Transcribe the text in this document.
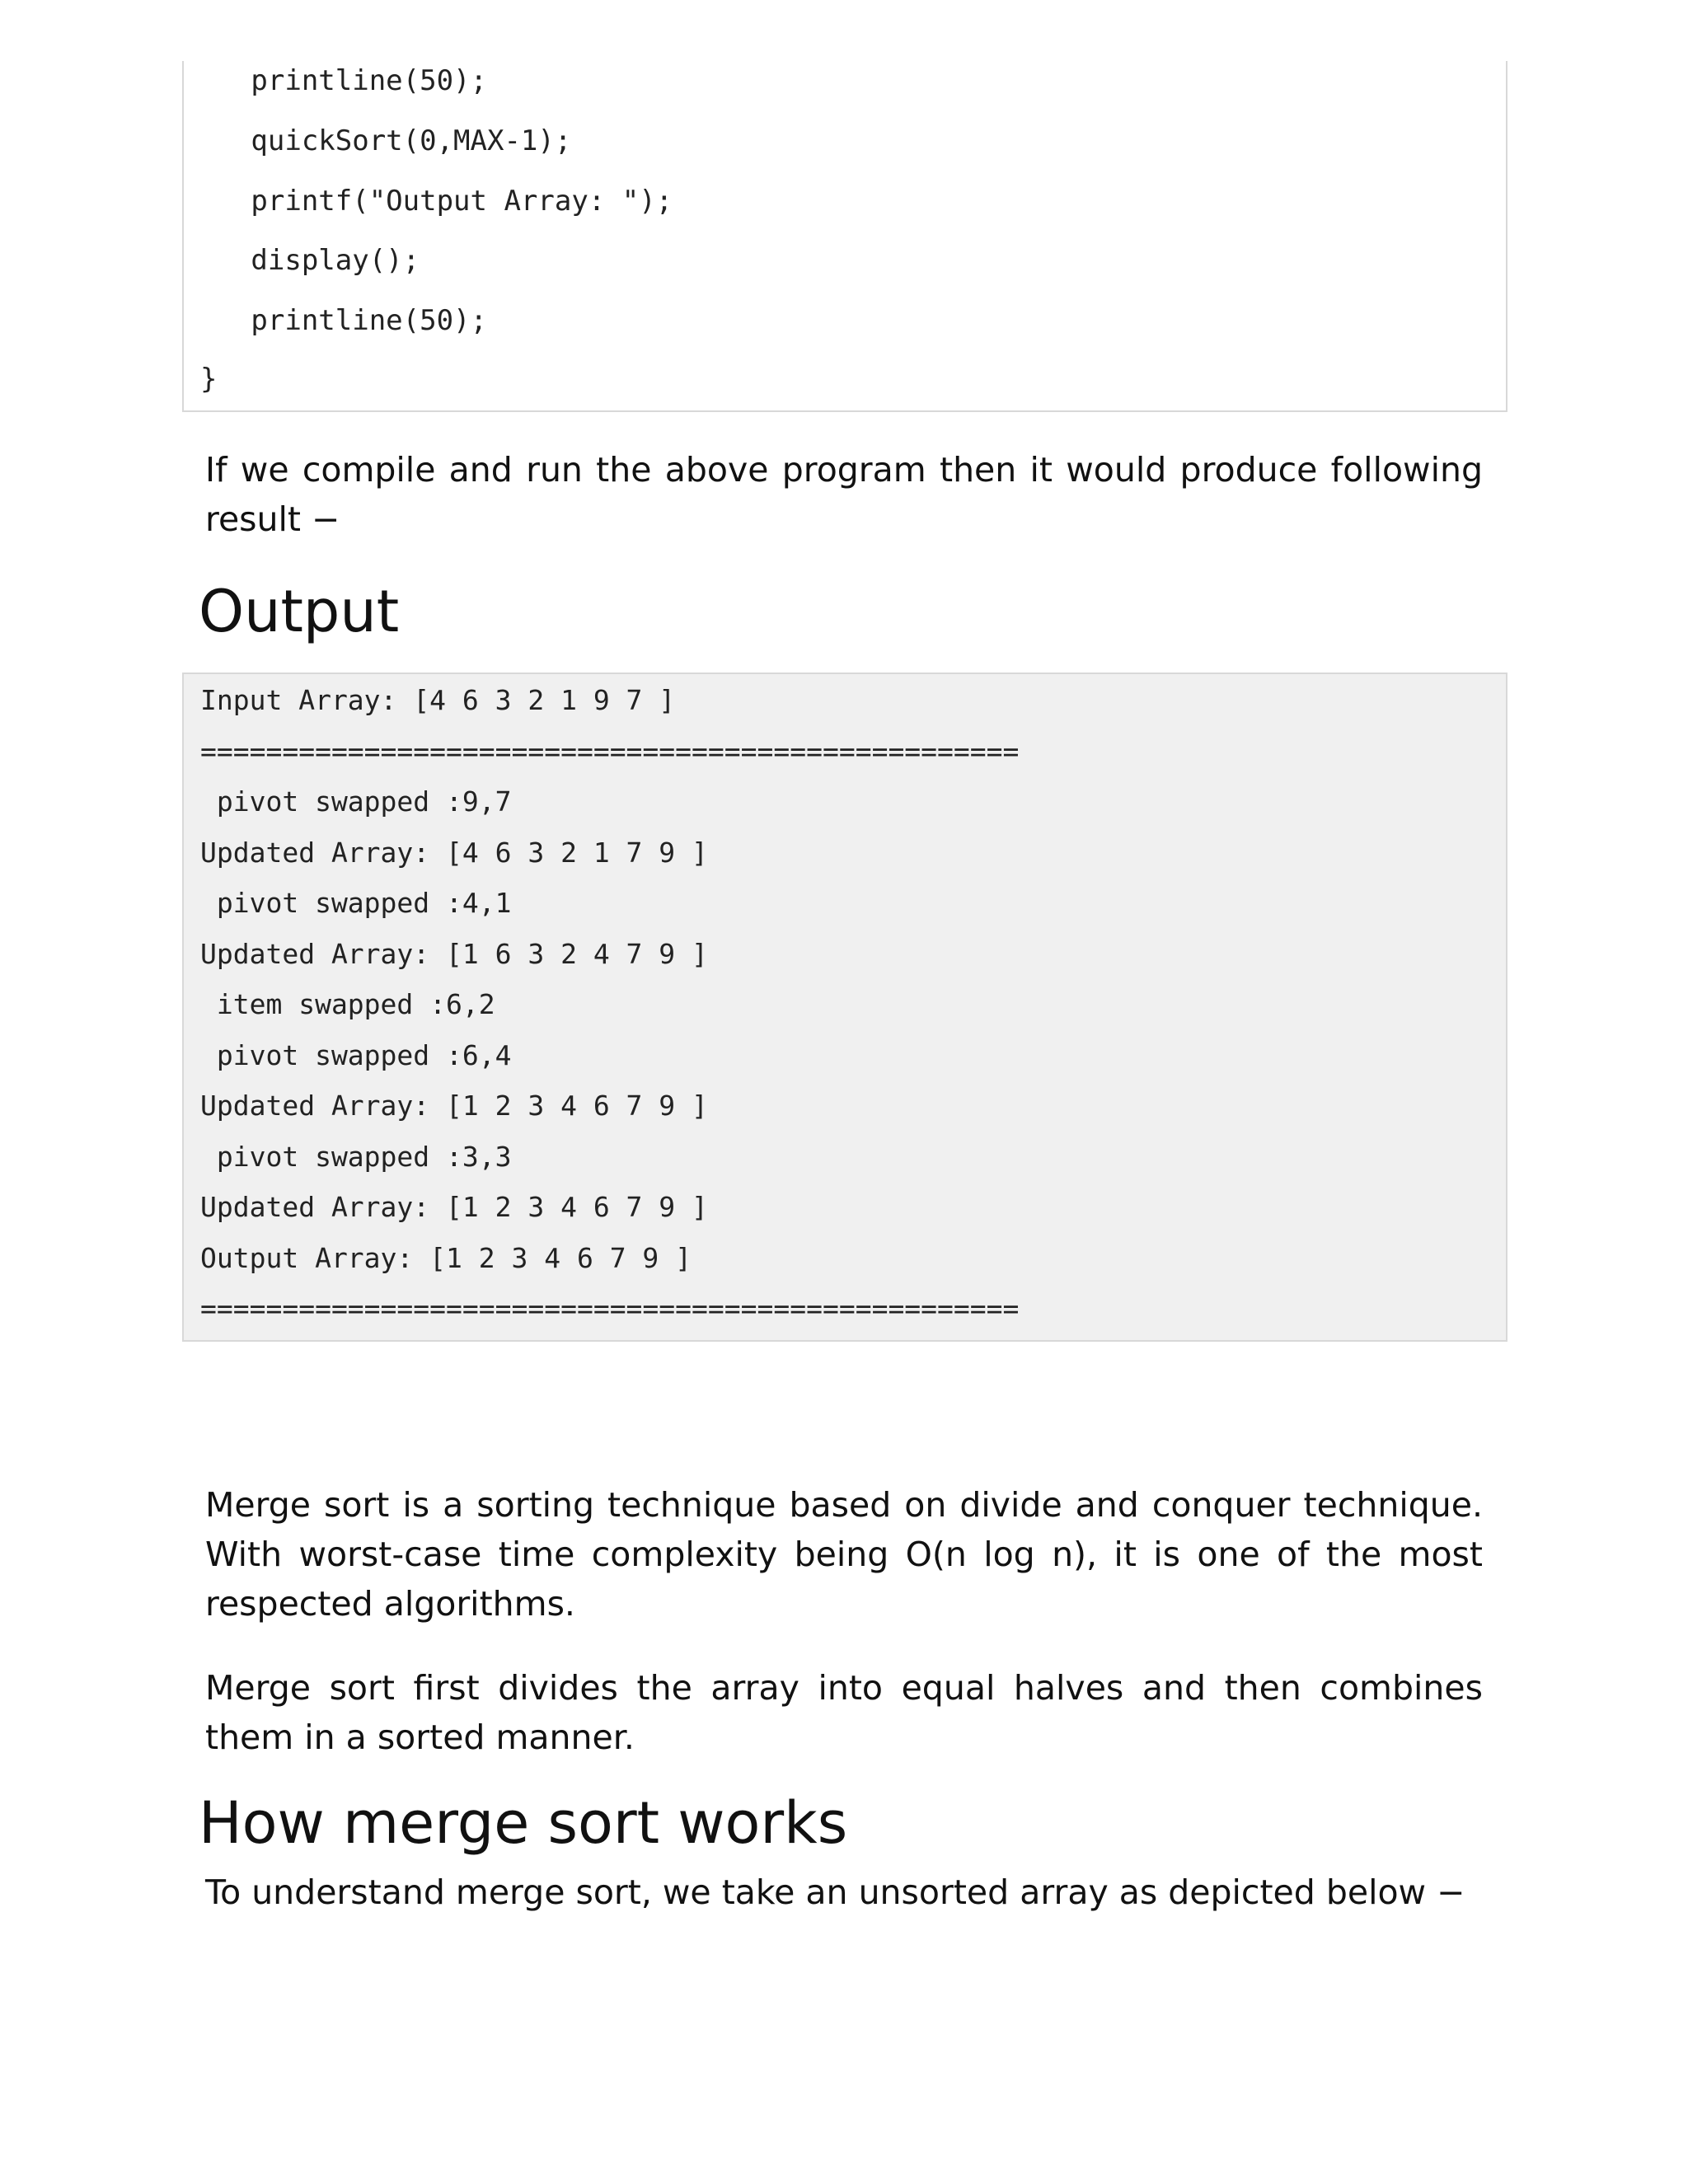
printline(50);
quickSort(0,MAX-1);
printf("Output Array: ");
display();
printline(50);
}

If we compile and run the above program then it would produce following result −

Output
Input Array: [4 6 3 2 1 9 7 ]
==================================================
pivot swapped :9,7
Updated Array: [4 6 3 2 1 7 9 ]
pivot swapped :4,1
Updated Array: [1 6 3 2 4 7 9 ]
item swapped :6,2
pivot swapped :6,4
Updated Array: [1 2 3 4 6 7 9 ]
pivot swapped :3,3
Updated Array: [1 2 3 4 6 7 9 ]
Output Array: [1 2 3 4 6 7 9 ]
==================================================

Merge sort is a sorting technique based on divide and conquer technique. With worst-case time complexity being O(n log n), it is one of the most respected algorithms.

Merge sort first divides the array into equal halves and then combines them in a sorted manner.

How merge sort works

To understand merge sort, we take an unsorted array as depicted below −
